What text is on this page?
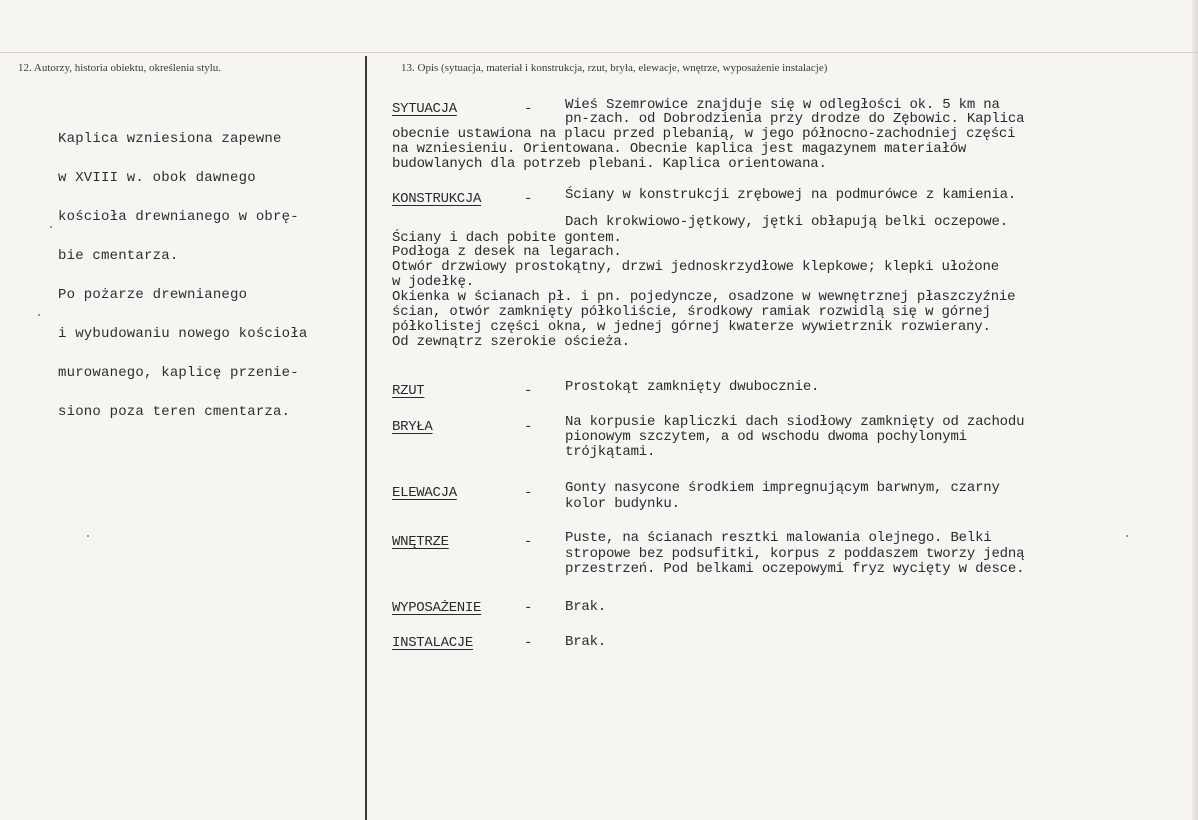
12. Autorzy, historia obiektu, określenia stylu.	13. Opis (sytuacja, materiał i konstrukcja, rzut, bryła, elewacje, wnętrze, wyposażenie instalacje)

Kaplica wzniesiona zapewne

w XVIII w. obok dawnego

kościoła drewnianego w obrę-

bie cmentarza.

Po pożarze drewnianego

i wybudowaniu nowego kościoła

murowanego, kaplicę przenie-

siono poza teren cmentarza.

SYTUACJA	- Wieś Szemrowice znajduje się w odległości ok. 5 km na
pn-zach. od Dobrodzienia przy drodze do Zębowic. Kaplica
obecnie ustawiona na placu przed plebanią, w jego północno-zachodniej części
na wzniesieniu. Orientowana. Obecnie kaplica jest magazynem materiałów
budowlanych dla potrzeb plebani. Kaplica orientowana.
KONSTRUKCJA	- Ściany w konstrukcji zrębowej na podmurówce z kamienia.
Dach krokwiowo-jętkowy, jętki obłapują belki oczepowe.
Ściany i dach pobite gontem.
Podłoga z desek na legarach.
Otwór drzwiowy prostokątny, drzwi jednoskrzydłowe klepkowe; klepki ułożone
w jodełkę.
Okienka w ścianach pł. i pn. pojedyncze, osadzone w wewnętrznej płaszczyźnie
ścian, otwór zamknięty półkoliście, środkowy ramiak rozwidlą się w górnej
półkolistej części okna, w jednej górnej kwaterze wywietrznik rozwierany.
Od zewnątrz szerokie ościeża.
RZUT	- Prostokąt zamknięty dwubocznie.
BRYŁA	- Na korpusie kapliczki dach siodłowy zamknięty od zachodu
pionowym szczytem, a od wschodu dwoma pochylonymi
trójkątami.
ELEWACJA	- Gonty nasycone środkiem impregnującym barwnym, czarny
kolor budynku.
WNĘTRZE	- Puste, na ścianach resztki malowania olejnego. Belki
stropowe bez podsufitki, korpus z poddaszem tworzy jedną
przestrzeń. Pod belkami oczepowymi fryz wycięty w desce.
WYPOSAŻENIE	- Brak.
INSTALACJE	- Brak.
